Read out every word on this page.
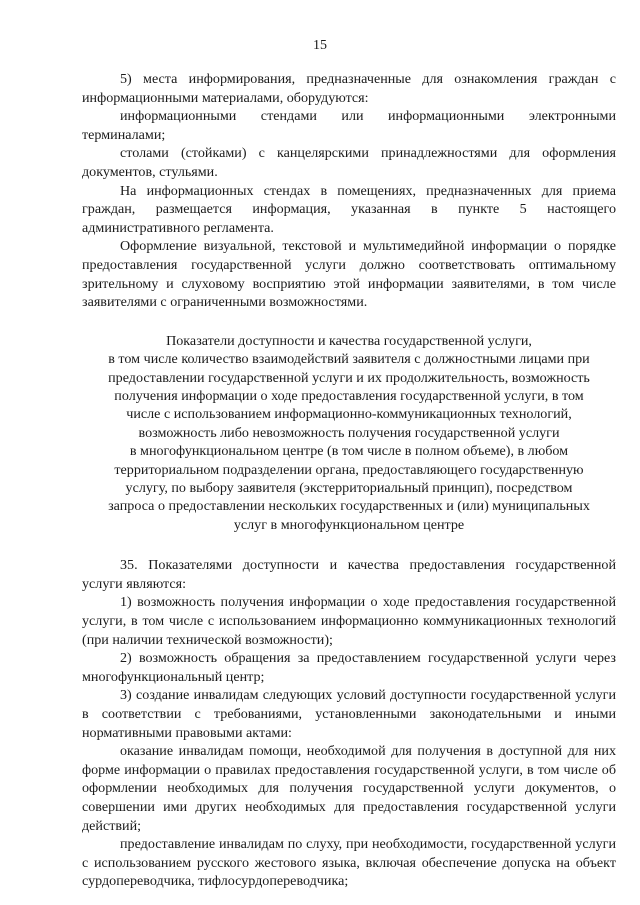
15

5) места информирования, предназначенные для ознакомления граждан с информационными материалами, оборудуются:

информационными стендами или информационными электронными терминалами;

столами (стойками) с канцелярскими принадлежностями для оформления документов, стульями.

На информационных стендах в помещениях, предназначенных для приема граждан, размещается информация, указанная в пункте 5 настоящего административного регламента.

Оформление визуальной, текстовой и мультимедийной информации о порядке предоставления государственной услуги должно соответствовать оптимальному зрительному и слуховому восприятию этой информации заявителями, в том числе заявителями с ограниченными возможностями.

Показатели доступности и качества государственной услуги,
в том числе количество взаимодействий заявителя с должностными лицами при
предоставлении государственной услуги и их продолжительность, возможность
получения информации о ходе предоставления государственной услуги, в том
числе с использованием информационно-коммуникационных технологий,
возможность либо невозможность получения государственной услуги
в многофункциональном центре (в том числе в полном объеме), в любом
территориальном подразделении органа, предоставляющего государственную
услугу, по выбору заявителя (экстерриториальный принцип), посредством
запроса о предоставлении нескольких государственных и (или) муниципальных
услуг в многофункциональном центре

35. Показателями доступности и качества предоставления государственной услуги являются:

1) возможность получения информации о ходе предоставления государственной услуги, в том числе с использованием информационно коммуникационных технологий (при наличии технической возможности);

2) возможность обращения за предоставлением государственной услуги через многофункциональный центр;

3) создание инвалидам следующих условий доступности государственной услуги в соответствии с требованиями, установленными законодательными и иными нормативными правовыми актами:

оказание инвалидам помощи, необходимой для получения в доступной для них форме информации о правилах предоставления государственной услуги, в том числе об оформлении необходимых для получения государственной услуги документов, о совершении ими других необходимых для предоставления государственной услуги действий;

предоставление инвалидам по слуху, при необходимости, государственной услуги с использованием русского жестового языка, включая обеспечение допуска на объект сурдопереводчика, тифлосурдопереводчика;
